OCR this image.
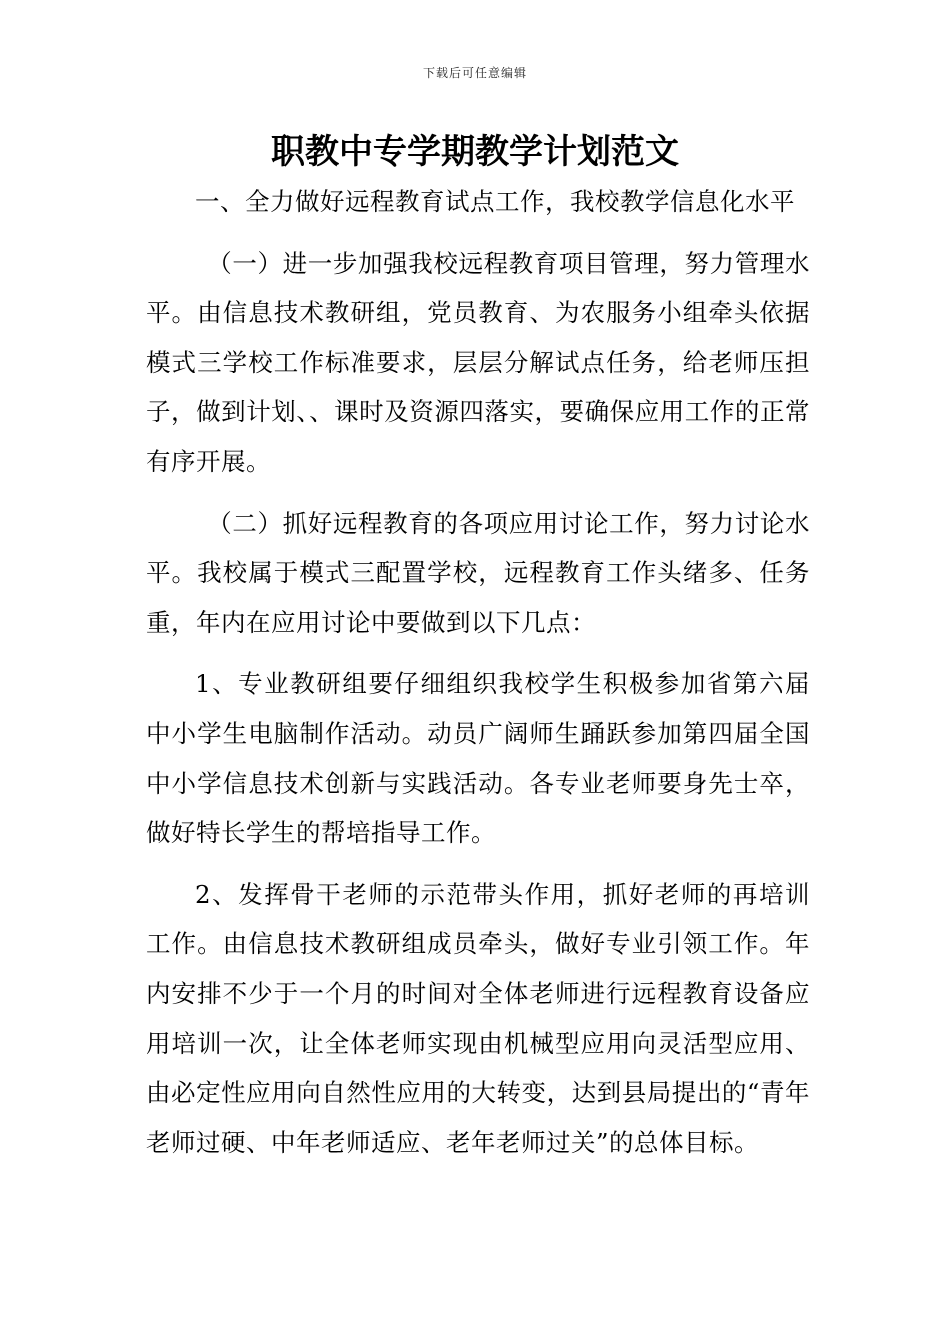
下载后可任意编辑
职教中专学期教学计划范文

一、全力做好远程教育试点工作，我校教学信息化水平

（一）进一步加强我校远程教育项目管理，努力管理水平。由信息技术教研组，党员教育、为农服务小组牵头依据模式三学校工作标准要求，层层分解试点任务，给老师压担子，做到计划、、课时及资源四落实，要确保应用工作的正常有序开展。

（二）抓好远程教育的各项应用讨论工作，努力讨论水平。我校属于模式三配置学校，远程教育工作头绪多、任务重，年内在应用讨论中要做到以下几点：

1、专业教研组要仔细组织我校学生积极参加省第六届中小学生电脑制作活动。动员广阔师生踊跃参加第四届全国中小学信息技术创新与实践活动。各专业老师要身先士卒，做好特长学生的帮培指导工作。

2、发挥骨干老师的示范带头作用，抓好老师的再培训工作。由信息技术教研组成员牵头，做好专业引领工作。年内安排不少于一个月的时间对全体老师进行远程教育设备应用培训一次，让全体老师实现由机械型应用向灵活型应用、由必定性应用向自然性应用的大转变，达到县局提出的“青年老师过硬、中年老师适应、老年老师过关”的总体目标。
